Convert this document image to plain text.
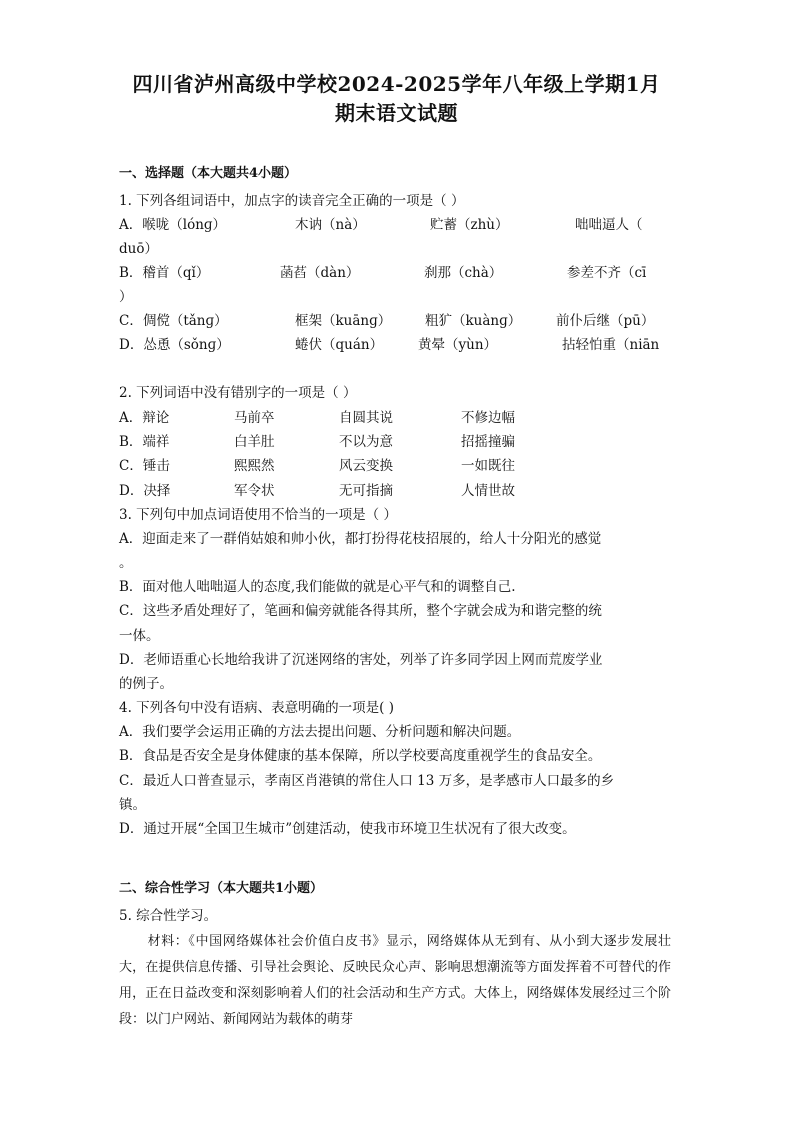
四川省泸州高级中学校2024-2025学年八年级上学期1月
期末语文试题
一、选择题（本大题共4小题）
1. 下列各组词语中，加点字的读音完全正确的一项是（ ）
A．喉咙（lónɡ）	木讷（nà）	贮蓄（zhù）	咄咄逼人（
duō）
B．稽首（qǐ）	菡萏（dàn）	刹那（chà）	参差不齐（cī
）
C．倜傥（tǎnɡ）	框架（kuānɡ） 粗犷（kuànɡ）	前仆后继（pū）
D．怂恿（sǒnɡ）	蜷伏（quán）	黄晕（yùn）	拈轻怕重（niān
2. 下列词语中没有错别字的一项是（ ）
A．辩论	马前卒	自圆其说	不修边幅
B．端祥	白羊肚	不以为意	招摇撞骗
C．锤击	熙熙然	风云变换	一如既往
D．决择	军令状	无可指摘	人情世故
3. 下列句中加点词语使用不恰当的一项是（ ）
A．迎面走来了一群俏姑娘和帅小伙，都打扮得花枝招展的，给人十分阳光的感觉
。
B．面对他人咄咄逼人的态度,我们能做的就是心平气和的调整自己.
C．这些矛盾处理好了，笔画和偏旁就能各得其所，整个字就会成为和谐完整的统
一体。
D．老师语重心长地给我讲了沉迷网络的害处，列举了许多同学因上网而荒废学业
的例子。
4. 下列各句中没有语病、表意明确的一项是( )
A．我们要学会运用正确的方法去提出问题、分析问题和解决问题。
B．食品是否安全是身体健康的基本保障，所以学校要高度重视学生的食品安全。
C．最近人口普查显示，孝南区肖港镇的常住人口 13 万多，是孝感市人口最多的乡
镇。
D．通过开展“全国卫生城市”创建活动，使我市环境卫生状况有了很大改变。
二、综合性学习（本大题共1小题）
5. 综合性学习。
材料：《中国网络媒体社会价值白皮书》显示，网络媒体从无到有、从小到大逐步发展壮大，在提供信息传播、引导社会舆论、反映民众心声、影响思想潮流等方面发挥着不可替代的作用，正在日益改变和深刻影响着人们的社会活动和生产方式。大体上，网络媒体发展经过三个阶段：以门户网站、新闻网站为载体的萌芽
